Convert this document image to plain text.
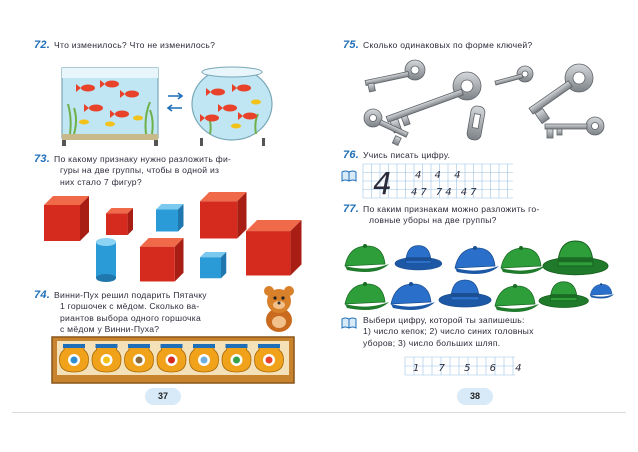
72. Что изменилось? Что не изменилось?
73. По какому признаку нужно разложить фи-
гуры на две группы, чтобы в одной из
них стало 7 фигур?
74. Винни-Пух решил подарить Пятачку
1 горшочек с мёдом. Сколько ва-
риантов выбора одного горшочка
с мёдом у Винни-Пуха?
37
75. Сколько одинаковых по форме ключей?
76. Учись писать цифру.
4 4 4 4
47 74 47
77. По каким признакам можно разложить го-
ловные уборы на две группы?
Выбери цифру, которой ты запишешь:
1) число кепок; 2) число синих головных
уборов; 3) число больших шляп.
1 7 5 6 4
38
